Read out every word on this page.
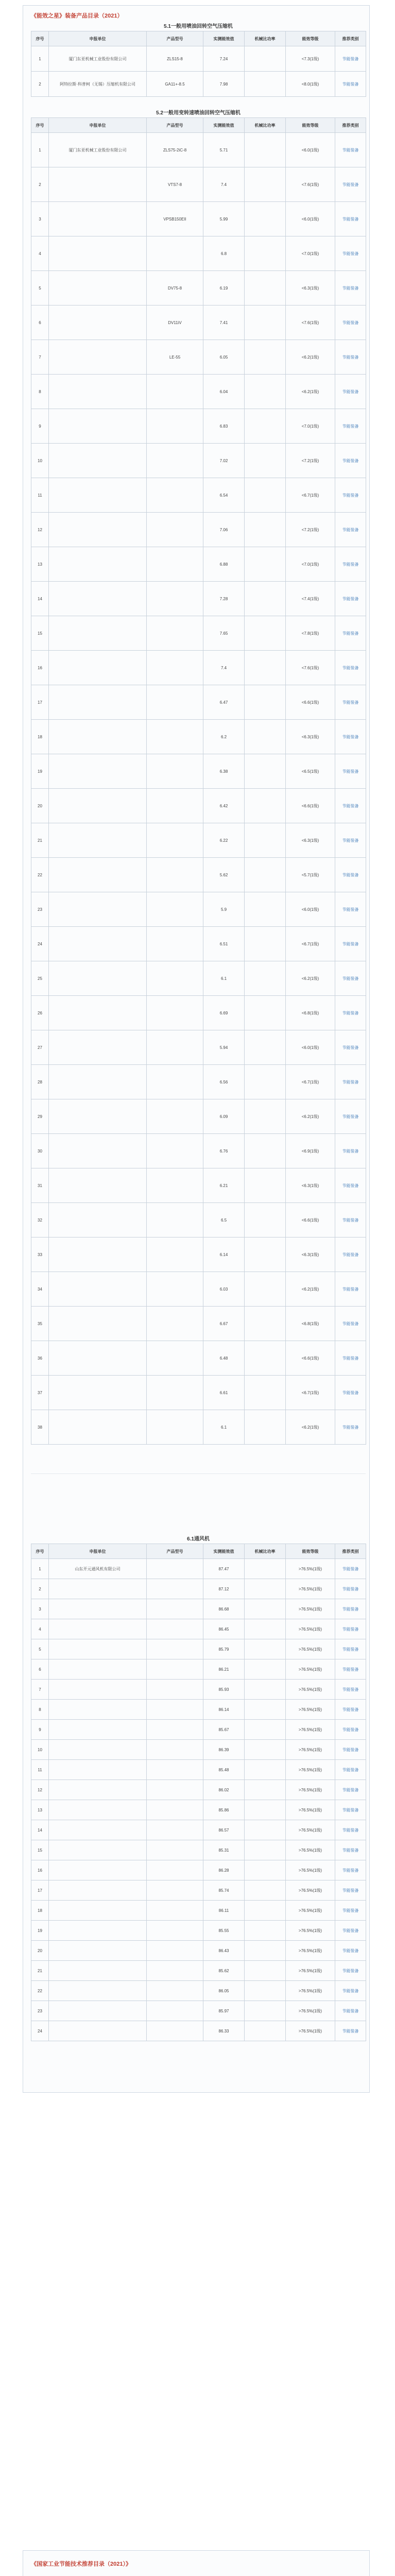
《能效之星》装备产品目录（2021）
5.1一般用喷油回转空气压缩机
序号	申报单位	产品型号	实测能效值	机械比功率	能效等级	推荐类别
1	厦门东亚机械工业股份有限公司	ZLS15-8	7.24		<7.3(1级)	节能装备
2	阿特拉斯·科普柯（无锡）压缩机有限公司	GA11+-8.5	7.98		<8.0(1级)	节能装备
5.2一般用变转速喷油回转空气压缩机
序号	申报单位	产品型号	实测能效值	机械比功率	能效等级	推荐类别
1	厦门东亚机械工业股份有限公司	ZLS75-2iC-8	5.71		<6.0(1级)	节能装备
2		VTS7-8	7.4		<7.6(1级)	节能装备
3		VPSB150EII	5.99		<6.0(1级)	节能装备
4			6.8		<7.0(1级)	节能装备
5		DV75-8	6.19		<6.3(1级)	节能装备
6		DV11iV	7.41		<7.6(1级)	节能装备
7		LE-55	6.05		<6.2(1级)	节能装备
8			6.04		<6.2(1级)	节能装备
9			6.83		<7.0(1级)	节能装备
10			7.02		<7.2(1级)	节能装备
11			6.54		<6.7(1级)	节能装备
12			7.06		<7.2(1级)	节能装备
13			6.88		<7.0(1级)	节能装备
14			7.28		<7.4(1级)	节能装备
15			7.65		<7.8(1级)	节能装备
16			7.4		<7.6(1级)	节能装备
17			6.47		<6.6(1级)	节能装备
18			6.2		<6.3(1级)	节能装备
19			6.38		<6.5(1级)	节能装备
20			6.42		<6.6(1级)	节能装备
21			6.22		<6.3(1级)	节能装备
22			5.62		<5.7(1级)	节能装备
23			5.9		<6.0(1级)	节能装备
24			6.51		<6.7(1级)	节能装备
25			6.1		<6.2(1级)	节能装备
26			6.69		<6.8(1级)	节能装备
27			5.94		<6.0(1级)	节能装备
28			6.56		<6.7(1级)	节能装备
29			6.09		<6.2(1级)	节能装备
30			6.76		<6.9(1级)	节能装备
31			6.21		<6.3(1级)	节能装备
32			6.5		<6.6(1级)	节能装备
33			6.14		<6.3(1级)	节能装备
34			6.03		<6.2(1级)	节能装备
35			6.67		<6.8(1级)	节能装备
36			6.48		<6.6(1级)	节能装备
37			6.61		<6.7(1级)	节能装备
38			6.1		<6.2(1级)	节能装备
6.1通风机
序号	申报单位	产品型号	实测能效值	机械比功率	能效等级	推荐类别
1	山东开元通风机有限公司		87.47		>76.5%(1级)	节能装备
2			87.12		>76.5%(1级)	节能装备
3			86.68		>76.5%(1级)	节能装备
4			86.45		>76.5%(1级)	节能装备
5			85.79		>76.5%(1级)	节能装备
6			86.21		>76.5%(1级)	节能装备
7			85.93		>76.5%(1级)	节能装备
8			86.14		>76.5%(1级)	节能装备
9			85.67		>76.5%(1级)	节能装备
10			86.39		>76.5%(1级)	节能装备
11			85.48		>76.5%(1级)	节能装备
12			86.02		>76.5%(1级)	节能装备
13			85.86		>76.5%(1级)	节能装备
14			86.57		>76.5%(1级)	节能装备
15			85.31		>76.5%(1级)	节能装备
16			86.28		>76.5%(1级)	节能装备
17			85.74		>76.5%(1级)	节能装备
18			86.11		>76.5%(1级)	节能装备
19			85.55		>76.5%(1级)	节能装备
20			86.43		>76.5%(1级)	节能装备
21			85.62		>76.5%(1级)	节能装备
22			86.05		>76.5%(1级)	节能装备
23			85.97		>76.5%(1级)	节能装备
24			86.33		>76.5%(1级)	节能装备
《国家工业节能技术推荐目录（2021）》
